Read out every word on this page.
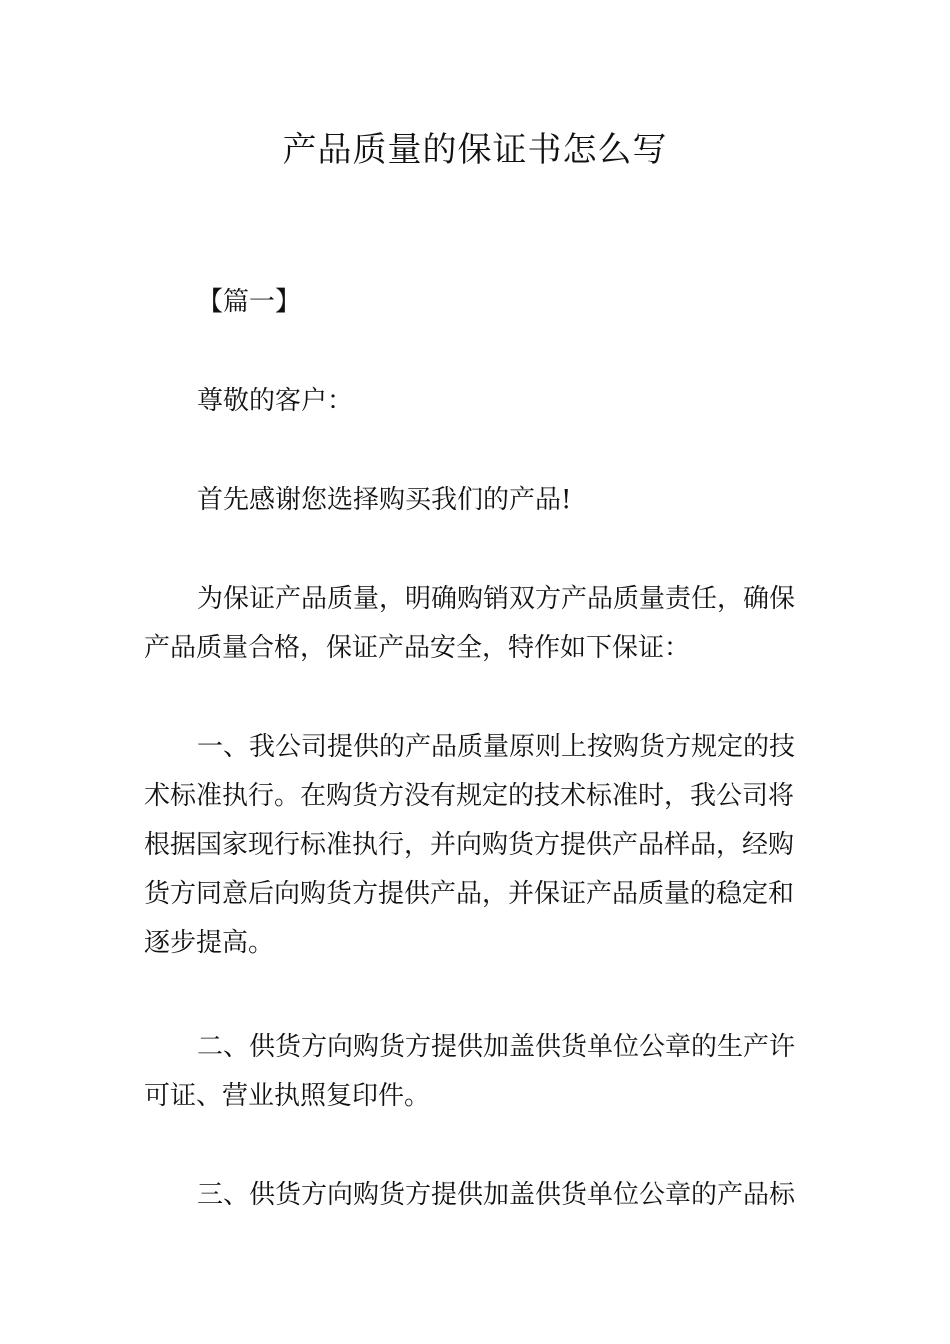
产品质量的保证书怎么写

【篇一】

尊敬的客户：

首先感谢您选择购买我们的产品!

为保证产品质量，明确购销双方产品质量责任，确保

产品质量合格，保证产品安全，特作如下保证：

一、我公司提供的产品质量原则上按购货方规定的技

术标准执行。在购货方没有规定的技术标准时，我公司将

根据国家现行标准执行，并向购货方提供产品样品，经购

货方同意后向购货方提供产品，并保证产品质量的稳定和

逐步提高。

二、供货方向购货方提供加盖供货单位公章的生产许

可证、营业执照复印件。

三、供货方向购货方提供加盖供货单位公章的产品标
